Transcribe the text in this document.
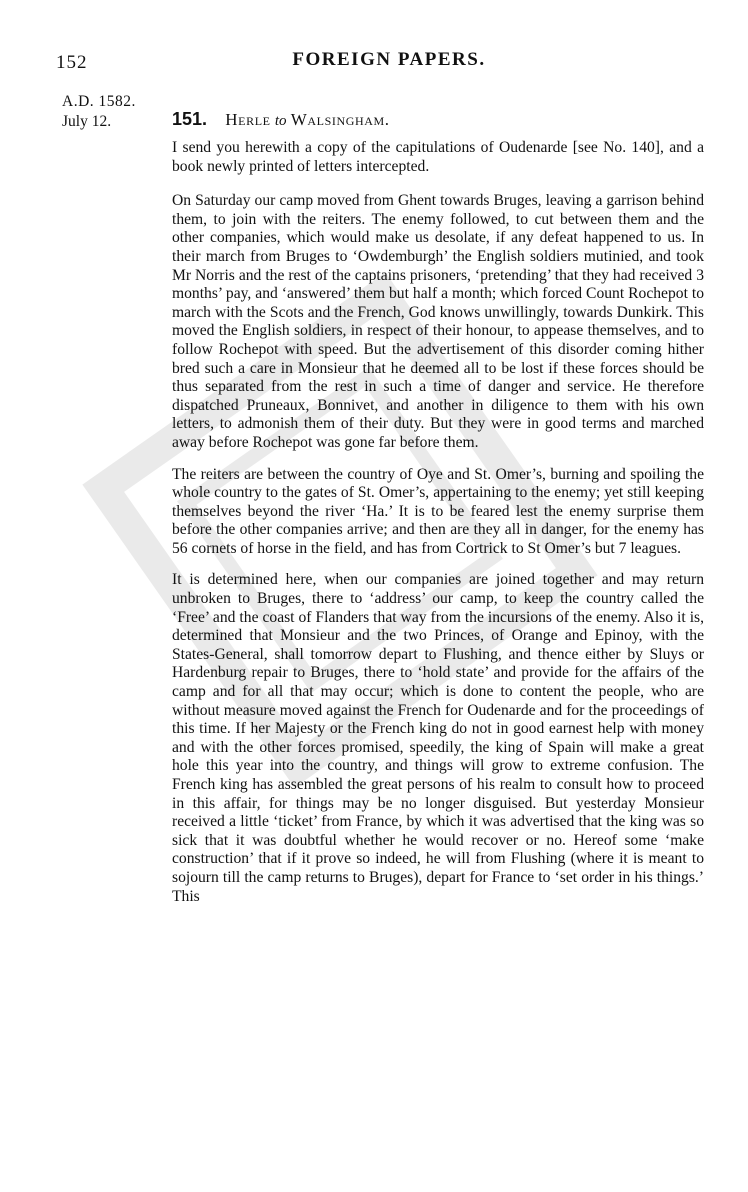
152	FOREIGN PAPERS.
A.D. 1582.
July 12.	151. Herle to Walsingham.

I send you herewith a copy of the capitulations of Oudenarde [see No. 140], and a book newly printed of letters intercepted.

On Saturday our camp moved from Ghent towards Bruges, leaving a garrison behind them, to join with the reiters. The enemy followed, to cut between them and the other companies, which would make us desolate, if any defeat happened to us. In their march from Bruges to ‘Owdemburgh’ the English soldiers mutinied, and took Mr Norris and the rest of the captains prisoners, ‘pretending’ that they had received 3 months’ pay, and ‘answered’ them but half a month; which forced Count Rochepot to march with the Scots and the French, God knows unwillingly, towards Dunkirk. This moved the English soldiers, in respect of their honour, to appease themselves, and to follow Rochepot with speed. But the advertisement of this disorder coming hither bred such a care in Monsieur that he deemed all to be lost if these forces should be thus separated from the rest in such a time of danger and service. He therefore dispatched Pruneaux, Bonnivet, and another in diligence to them with his own letters, to admonish them of their duty. But they were in good terms and marched away before Rochepot was gone far before them.

The reiters are between the country of Oye and St. Omer’s, burning and spoiling the whole country to the gates of St. Omer’s, appertaining to the enemy; yet still keeping themselves beyond the river ‘Ha.’ It is to be feared lest the enemy surprise them before the other companies arrive; and then are they all in danger, for the enemy has 56 cornets of horse in the field, and has from Cortrick to St Omer’s but 7 leagues.

It is determined here, when our companies are joined together and may return unbroken to Bruges, there to ‘address’ our camp, to keep the country called the ‘Free’ and the coast of Flanders that way from the incursions of the enemy. Also it is, determined that Monsieur and the two Princes, of Orange and Epinoy, with the States-General, shall tomorrow depart to Flushing, and thence either by Sluys or Hardenburg repair to Bruges, there to ‘hold state’ and provide for the affairs of the camp and for all that may occur; which is done to content the people, who are without measure moved against the French for Oudenarde and for the proceedings of this time. If her Majesty or the French king do not in good earnest help with money and with the other forces promised, speedily, the king of Spain will make a great hole this year into the country, and things will grow to extreme confusion. The French king has assembled the great persons of his realm to consult how to proceed in this affair, for things may be no longer disguised. But yesterday Monsieur received a little ‘ticket’ from France, by which it was advertised that the king was so sick that it was doubtful whether he would recover or no. Hereof some ‘make construction’ that if it prove so indeed, he will from Flushing (where it is meant to sojourn till the camp returns to Bruges), depart for France to ‘set order in his things.’ This
